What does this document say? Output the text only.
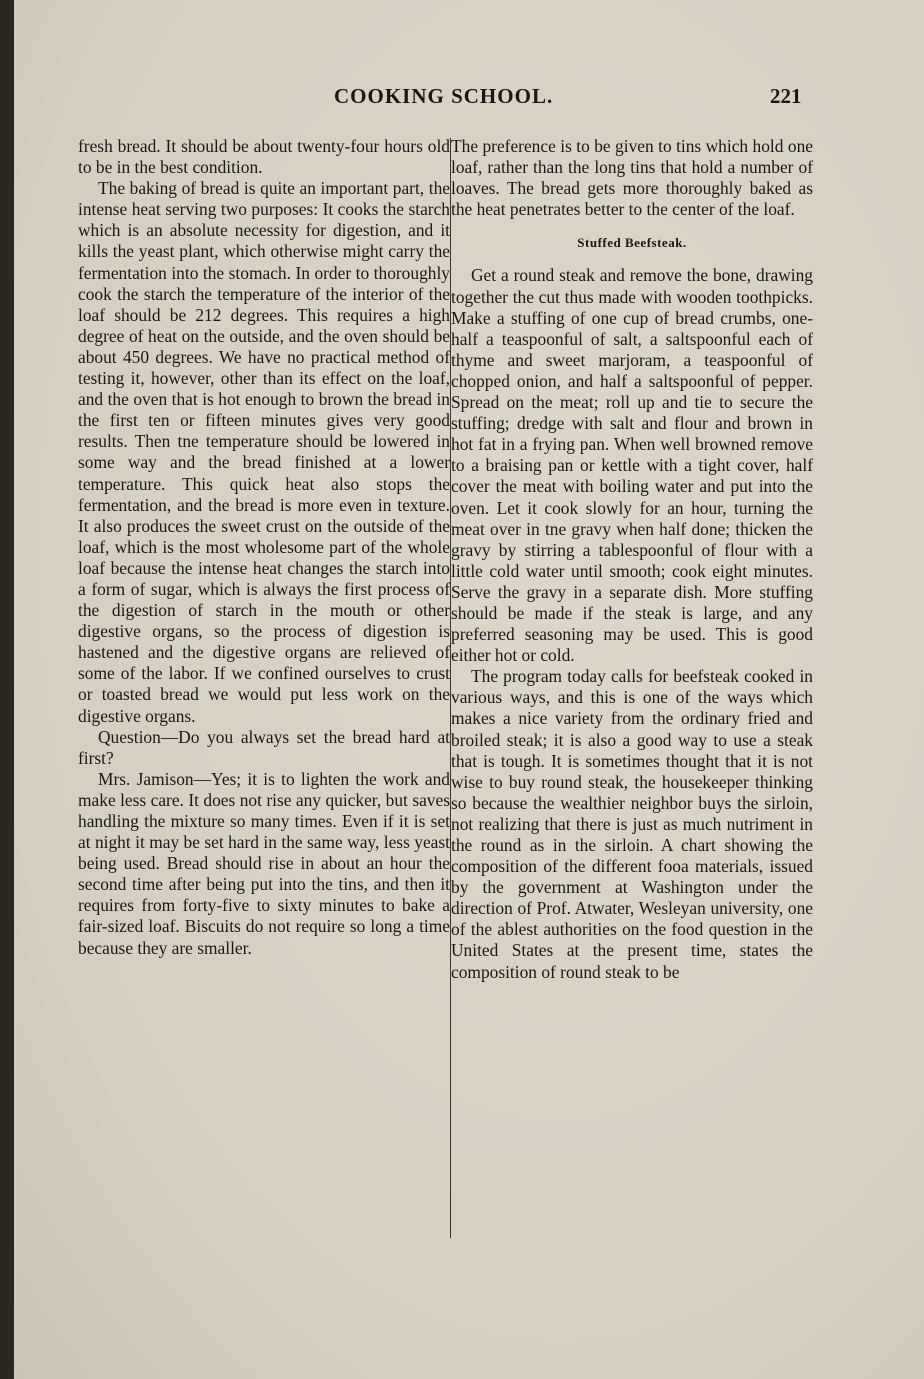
COOKING SCHOOL.	221

fresh bread. It should be about twenty-four hours old to be in the best condition.

The baking of bread is quite an important part, the intense heat serving two purposes: It cooks the starch which is an absolute necessity for digestion, and it kills the yeast plant, which otherwise might carry the fermentation into the stomach. In order to thoroughly cook the starch the temperature of the interior of the loaf should be 212 degrees. This requires a high degree of heat on the outside, and the oven should be about 450 degrees. We have no practical method of testing it, however, other than its effect on the loaf, and the oven that is hot enough to brown the bread in the first ten or fifteen minutes gives very good results. Then tne temperature should be lowered in some way and the bread finished at a lower temperature. This quick heat also stops the fermentation, and the bread is more even in texture. It also produces the sweet crust on the outside of the loaf, which is the most wholesome part of the whole loaf because the intense heat changes the starch into a form of sugar, which is always the first process of the digestion of starch in the mouth or other digestive organs, so the process of digestion is hastened and the digestive organs are relieved of some of the labor. If we confined ourselves to crust or toasted bread we would put less work on the digestive organs.

Question—Do you always set the bread hard at first?

Mrs. Jamison—Yes; it is to lighten the work and make less care. It does not rise any quicker, but saves handling the mixture so many times. Even if it is set at night it may be set hard in the same way, less yeast being used. Bread should rise in about an hour the second time after being put into the tins, and then it requires from forty-five to sixty minutes to bake a fair-sized loaf. Biscuits do not require so long a time because they are smaller.

The preference is to be given to tins which hold one loaf, rather than the long tins that hold a number of loaves. The bread gets more thoroughly baked as the heat penetrates better to the center of the loaf.

Stuffed Beefsteak.

Get a round steak and remove the bone, drawing together the cut thus made with wooden toothpicks. Make a stuffing of one cup of bread crumbs, one-half a teaspoonful of salt, a saltspoonful each of thyme and sweet marjoram, a teaspoonful of chopped onion, and half a saltspoonful of pepper. Spread on the meat; roll up and tie to secure the stuffing; dredge with salt and flour and brown in hot fat in a frying pan. When well browned remove to a braising pan or kettle with a tight cover, half cover the meat with boiling water and put into the oven. Let it cook slowly for an hour, turning the meat over in tne gravy when half done; thicken the gravy by stirring a tablespoonful of flour with a little cold water until smooth; cook eight minutes. Serve the gravy in a separate dish. More stuffing should be made if the steak is large, and any preferred seasoning may be used. This is good either hot or cold.

The program today calls for beefsteak cooked in various ways, and this is one of the ways which makes a nice variety from the ordinary fried and broiled steak; it is also a good way to use a steak that is tough. It is sometimes thought that it is not wise to buy round steak, the housekeeper thinking so because the wealthier neighbor buys the sirloin, not realizing that there is just as much nutriment in the round as in the sirloin. A chart showing the composition of the different fooa materials, issued by the government at Washington under the direction of Prof. Atwater, Wesleyan university, one of the ablest authorities on the food question in the United States at the present time, states the composition of round steak to be
